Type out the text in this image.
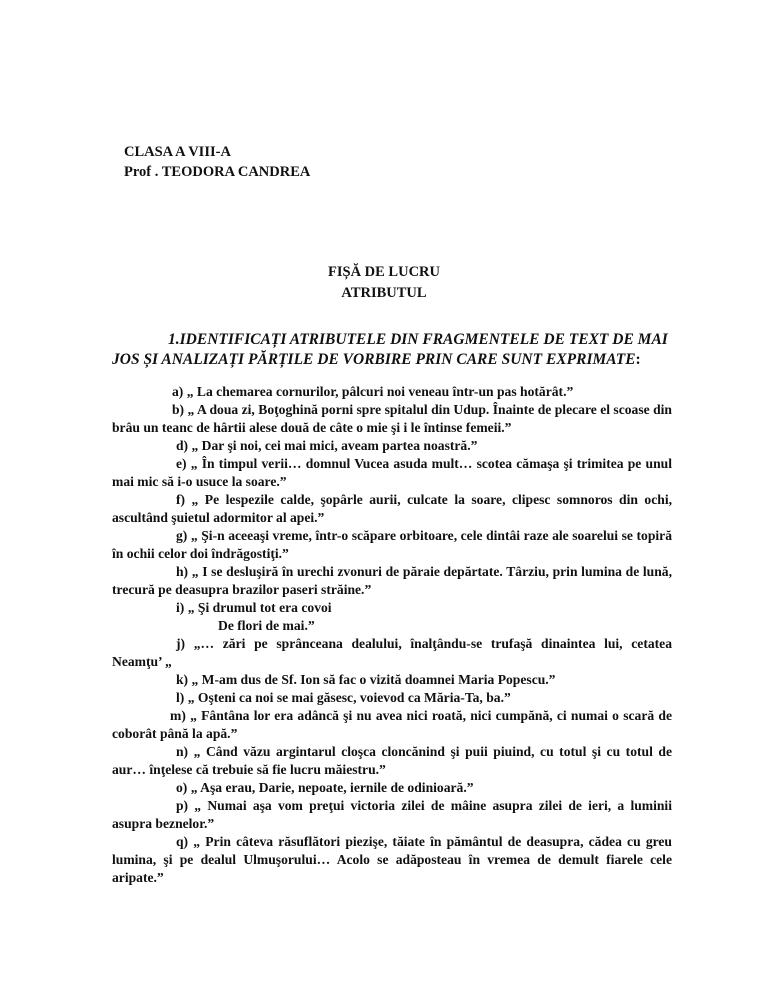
CLASA A VIII-A
Prof . TEODORA CANDREA
FIȘĂ DE LUCRU
ATRIBUTUL
1.IDENTIFICAȚI ATRIBUTELE DIN FRAGMENTELE DE TEXT DE MAI JOS ȘI ANALIZAȚI PĂRȚILE DE VORBIRE PRIN CARE SUNT EXPRIMATE:

a) „ La chemarea cornurilor, pâlcuri noi veneau într-un pas hotărât.”

b) „ A doua zi, Boţoghină porni spre spitalul din Udup. Înainte de plecare el scoase din brâu un teanc de hârtii alese două de câte o mie şi i le întinse femeii.”

d) „ Dar şi noi, cei mai mici, aveam partea noastră.”

e) „ În timpul verii… domnul Vucea asuda mult… scotea cămaşa şi trimitea pe unul mai mic să i-o usuce la soare.”

f) „ Pe lespezile calde, şopârle aurii, culcate la soare, clipesc somnoros din ochi, ascultând şuietul adormitor al apei.”

g) „ Şi-n aceeaşi vreme, într-o scăpare orbitoare, cele dintâi raze ale soarelui se topiră în ochii celor doi îndrăgostiţi.”

h) „ I se desluşiră în urechi zvonuri de păraie depărtate. Târziu, prin lumina de lună, trecură pe deasupra brazilor paseri străine.”

i) „ Şi drumul tot era covoi

De flori de mai.”

j) „… zări pe sprânceana dealului, înalţându-se trufaşă dinaintea lui, cetatea Neamţu’ „

k) „ M-am dus de Sf. Ion să fac o vizită doamnei Maria Popescu.”

l) „ Oşteni ca noi se mai găsesc, voievod ca Măria-Ta, ba.”

m) „ Fântâna lor era adâncă şi nu avea nici roată, nici cumpănă, ci numai o scară de coborât până la apă.”

n) „ Când văzu argintarul cloşca cloncănind şi puii piuind, cu totul şi cu totul de aur… înţelese că trebuie să fie lucru măiestru.”

o) „ Aşa erau, Darie, nepoate, iernile de odinioară.”

p) „ Numai aşa vom preţui victoria zilei de mâine asupra zilei de ieri, a luminii asupra beznelor.”

q) „ Prin câteva răsuflători piezişe, tăiate în pământul de deasupra, cădea cu greu lumina, şi pe dealul Ulmuşorului… Acolo se adăposteau în vremea de demult fiarele cele aripate.”
